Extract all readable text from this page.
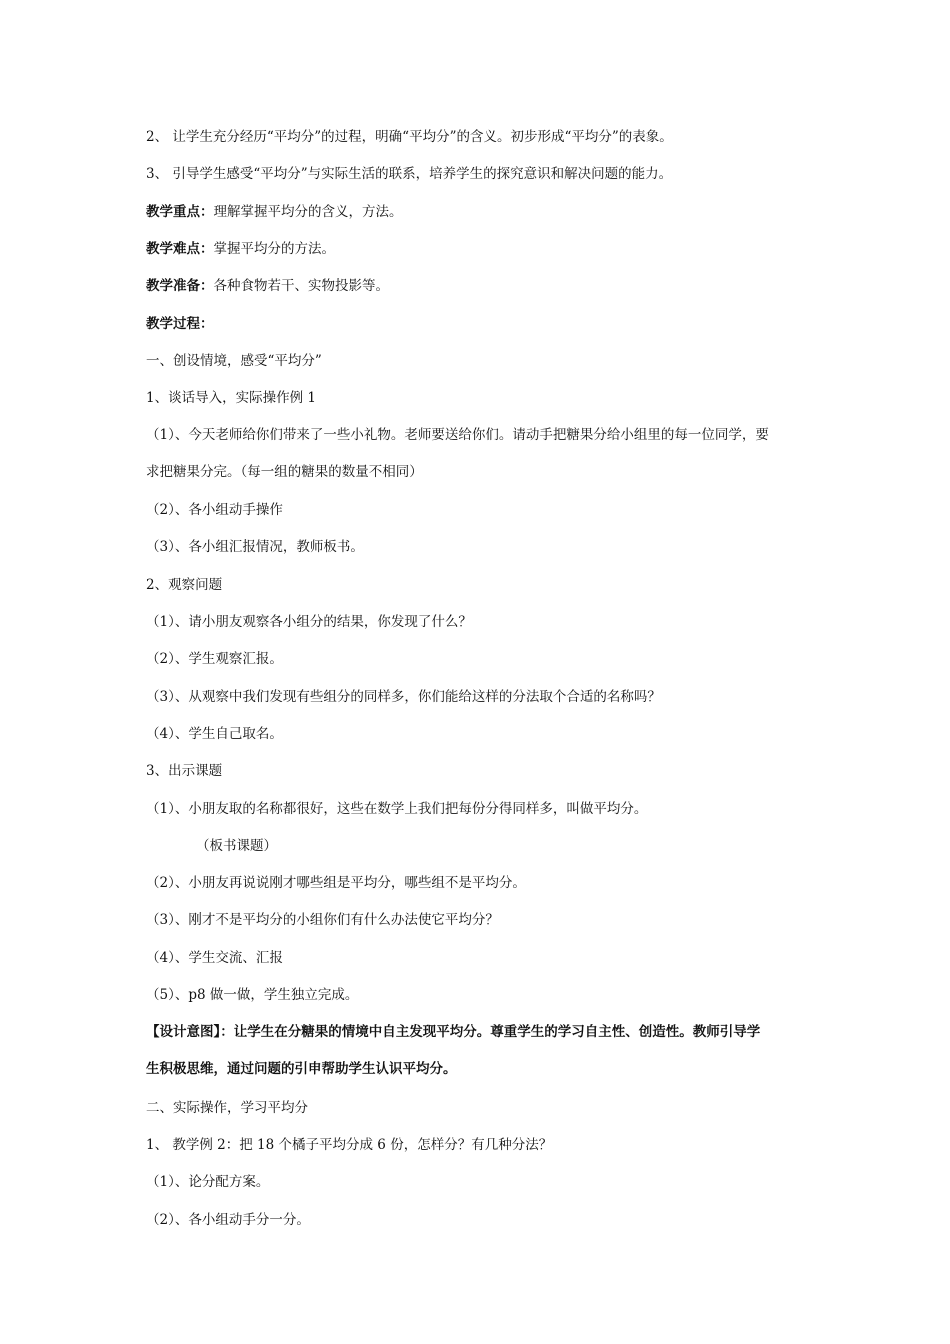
2、 让学生充分经历“平均分”的过程，明确“平均分”的含义。初步形成“平均分”的表象。
3、 引导学生感受“平均分”与实际生活的联系，培养学生的探究意识和解决问题的能力。
教学重点：理解掌握平均分的含义，方法。
教学难点：掌握平均分的方法。
教学准备：各种食物若干、实物投影等。
教学过程：
一、创设情境，感受“平均分”
1、谈话导入，实际操作例 1
（1）、今天老师给你们带来了一些小礼物。老师要送给你们。请动手把糖果分给小组里的每一位同学，要
求把糖果分完。（每一组的糖果的数量不相同）
（2）、各小组动手操作
（3）、各小组汇报情况，教师板书。
2、观察问题
（1）、请小朋友观察各小组分的结果，你发现了什么？
（2）、学生观察汇报。
（3）、从观察中我们发现有些组分的同样多，你们能给这样的分法取个合适的名称吗？
（4）、学生自己取名。
3、出示课题
（1）、小朋友取的名称都很好，这些在数学上我们把每份分得同样多，叫做平均分。
（板书课题）
（2）、小朋友再说说刚才哪些组是平均分，哪些组不是平均分。
（3）、刚才不是平均分的小组你们有什么办法使它平均分？
（4）、学生交流、汇报
（5）、p8 做一做，学生独立完成。
【设计意图】：让学生在分糖果的情境中自主发现平均分。尊重学生的学习自主性、创造性。教师引导学
生积极思维，通过问题的引申帮助学生认识平均分。
二、实际操作，学习平均分
1、 教学例 2：把 18 个橘子平均分成 6 份，怎样分？有几种分法？
（1）、论分配方案。
（2）、各小组动手分一分。
